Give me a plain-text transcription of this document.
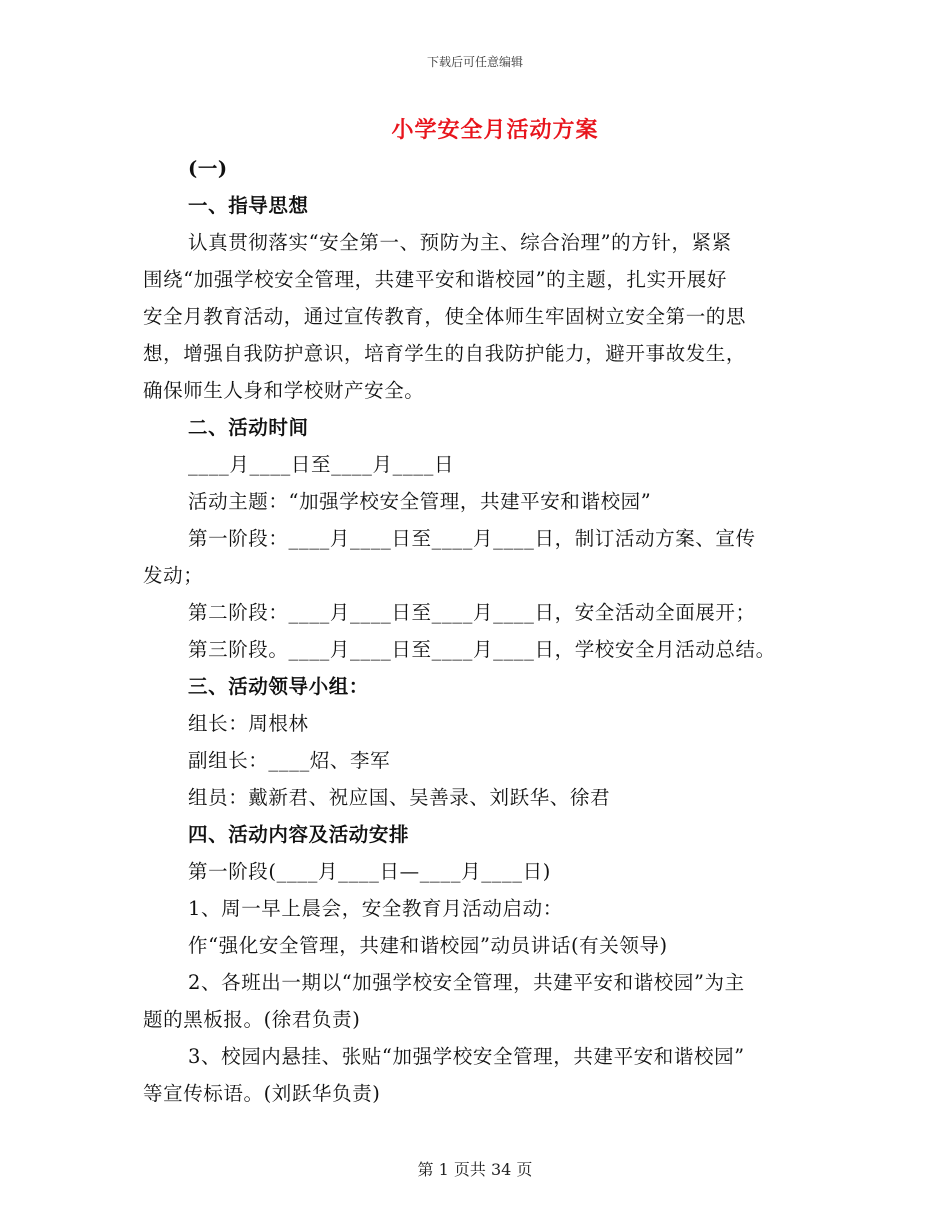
下载后可任意编辑
小学安全月活动方案
(一)
一、指导思想
认真贯彻落实“安全第一、预防为主、综合治理”的方针，紧紧
围绕“加强学校安全管理，共建平安和谐校园”的主题，扎实开展好
安全月教育活动，通过宣传教育，使全体师生牢固树立安全第一的思
想，增强自我防护意识，培育学生的自我防护能力，避开事故发生，
确保师生人身和学校财产安全。
二、活动时间
____月____日至____月____日
活动主题：“加强学校安全管理，共建平安和谐校园”
第一阶段：____月____日至____月____日，制订活动方案、宣传
发动；
第二阶段：____月____日至____月____日，安全活动全面展开；
第三阶段。____月____日至____月____日，学校安全月活动总结。
三、活动领导小组：
组长：周根林
副组长：____炤、李军
组员：戴新君、祝应国、吴善录、刘跃华、徐君
四、活动内容及活动安排
第一阶段(____月____日—____月____日)
1、周一早上晨会，安全教育月活动启动：
作“强化安全管理，共建和谐校园”动员讲话(有关领导)
2、各班出一期以“加强学校安全管理，共建平安和谐校园”为主
题的黑板报。(徐君负责)
3、校园内悬挂、张贴“加强学校安全管理，共建平安和谐校园”
等宣传标语。(刘跃华负责)
第 1 页共 34 页
